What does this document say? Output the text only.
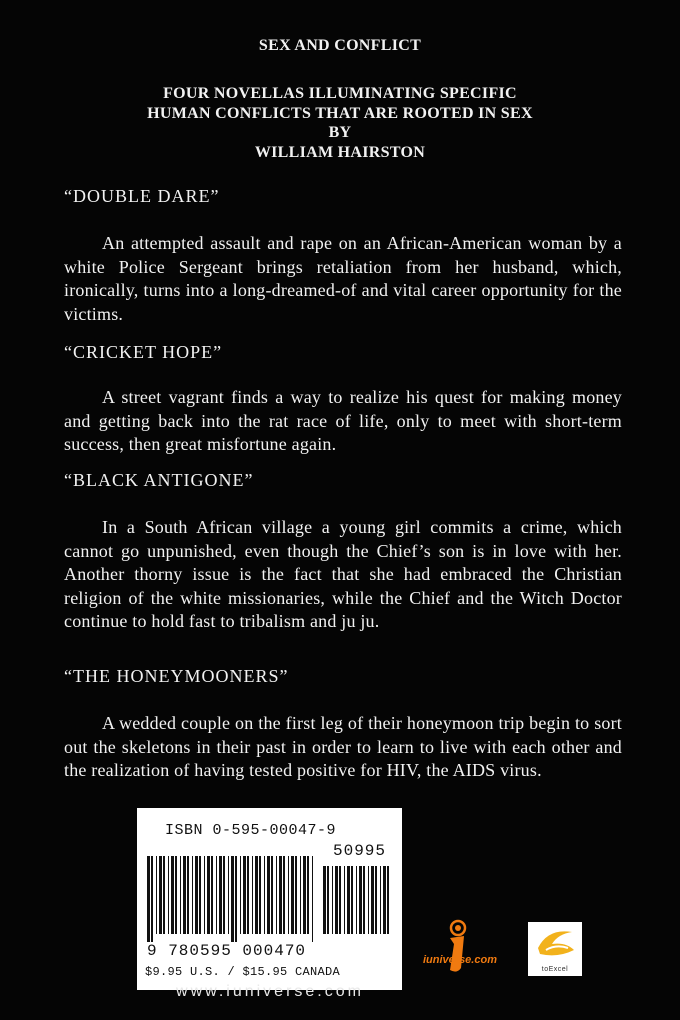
SEX AND CONFLICT
FOUR NOVELLAS ILLUMINATING SPECIFIC
HUMAN CONFLICTS THAT ARE ROOTED IN SEX
BY
WILLIAM HAIRSTON
“DOUBLE DARE”

An attempted assault and rape on an African-American woman by a white Police Sergeant brings retaliation from her husband, which, ironically, turns into a long-dreamed-of and vital career opportunity for the victims.

“CRICKET HOPE”

A street vagrant finds a way to realize his quest for making money and getting back into the rat race of life, only to meet with short-term success, then great misfortune again.

“BLACK ANTIGONE”

In a South African village a young girl commits a crime, which cannot go unpunished, even though the Chief’s son is in love with her. Another thorny issue is the fact that she had embraced the Christian religion of the white missionaries, while the Chief and the Witch Doctor continue to hold fast to tribalism and ju ju.

“THE HONEYMOONERS”

A wedded couple on the first leg of their honeymoon trip begin to sort out the skeletons in their past in order to learn to live with each other and the realization of having tested positive for HIV, the AIDS virus.

ISBN 0-595-00047-9
50995
9 780595 000470
$9.95 U.S. / $15.95 CANADA
www.iuniverse.com
iuniverse.com
toExcel
